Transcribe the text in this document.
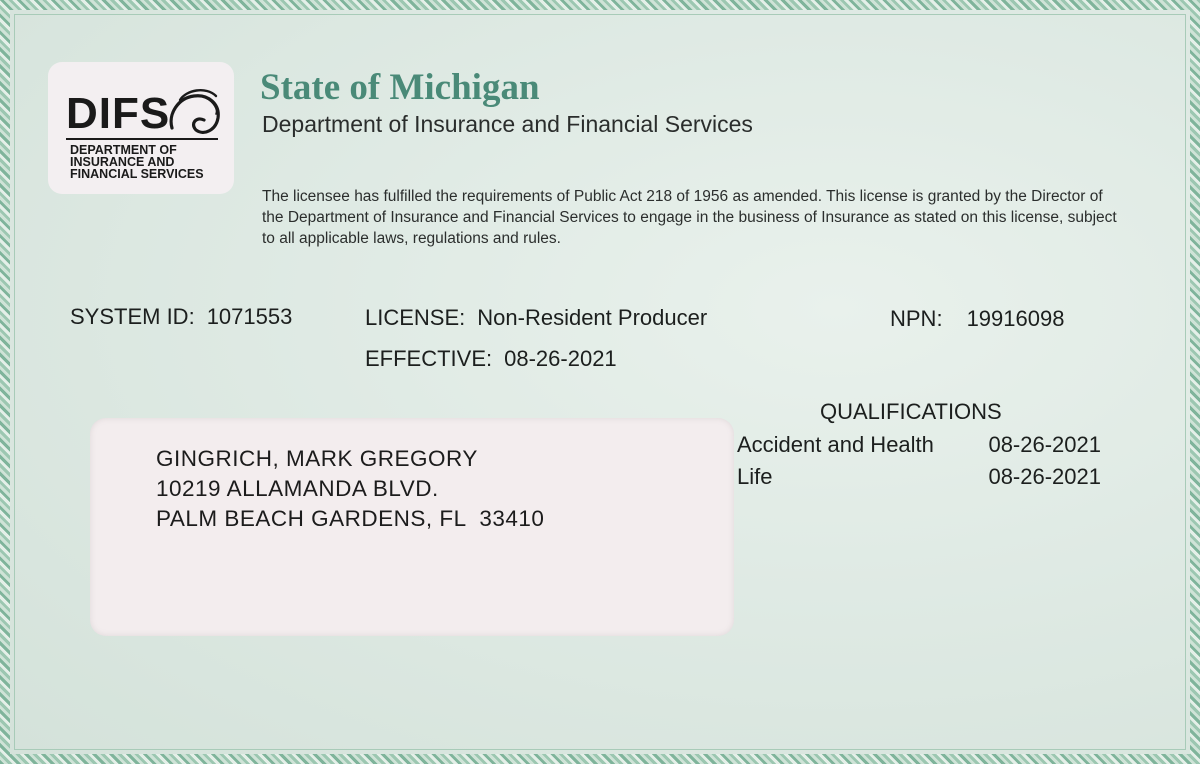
DIFS
DEPARTMENT OF
INSURANCE AND
FINANCIAL SERVICES
State of Michigan
Department of Insurance and Financial Services
The licensee has fulfilled the requirements of Public Act 218 of 1956 as amended. This license is granted by the Director of the Department of Insurance and Financial Services to engage in the business of Insurance as stated on this license, subject to all applicable laws, regulations and rules.
SYSTEM ID: 1071553	LICENSE: Non-Resident Producer	NPN: 19916098
EFFECTIVE: 08-26-2021
QUALIFICATIONS
Accident and Health 08-26-2021
Life	08-26-2021
GINGRICH, MARK GREGORY
10219 ALLAMANDA BLVD.
PALM BEACH GARDENS, FL  33410
